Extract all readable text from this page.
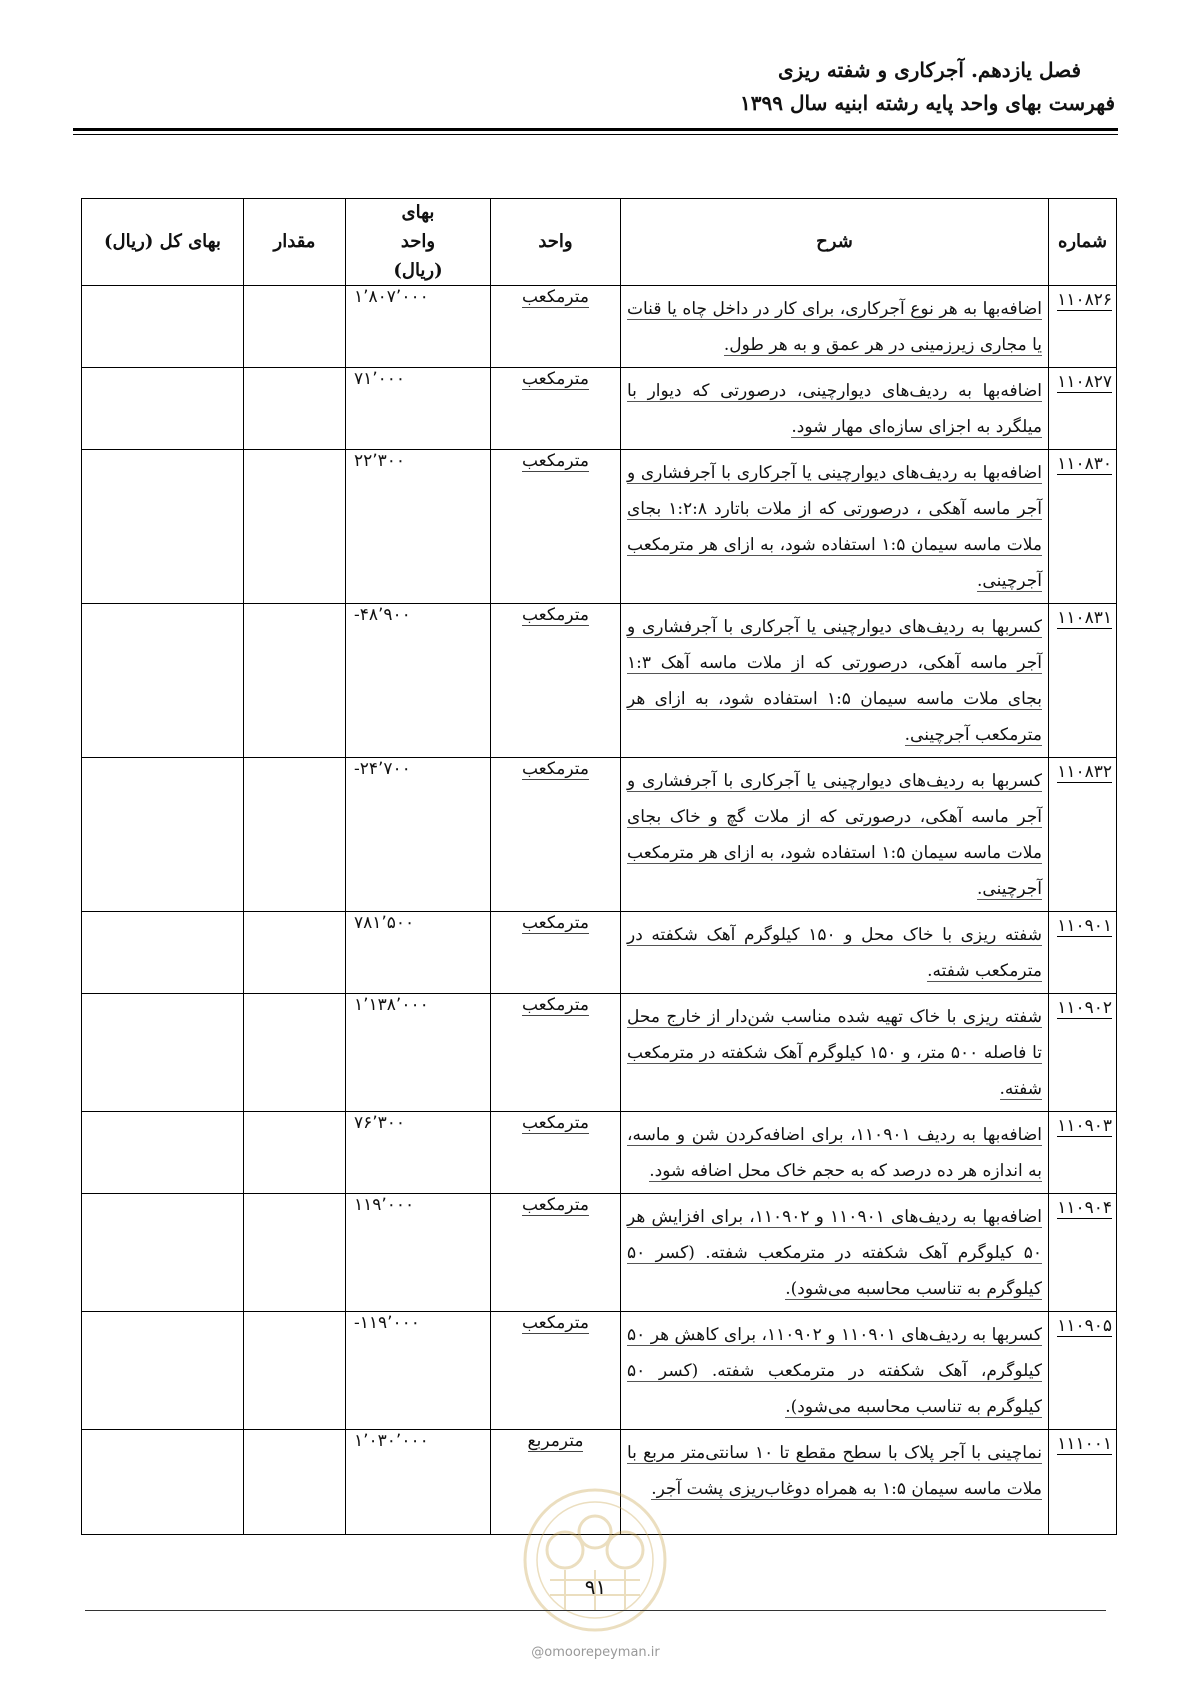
فصل یازدهم. آجرکاری و شفته ریزی
فهرست بهای واحد پایه رشته ابنیه سال ۱۳۹۹
شماره	شرح	واحد	بهای واحد (ریال)	مقدار	بهای کل (ریال)
۱۱۰۸۲۶	اضافه‌بها به هر نوع آجرکاری، برای کار در داخل چاه یا قنات یا مجاری زیرزمینی در هر عمق و به هر طول.	مترمکعب	۱٬۸۰۷٬۰۰۰		
۱۱۰۸۲۷	اضافه‌بها به ردیف‌های دیوارچینی، درصورتی که دیوار با میلگرد به اجزای سازه‌ای مهار شود.	مترمکعب	۷۱٬۰۰۰		
۱۱۰۸۳۰	اضافه‌بها به ردیف‌های دیوارچینی یا آجرکاری با آجرفشاری و آجر ماسه آهکی ، درصورتی که از ملات باتارد ۱:۲:۸ بجای ملات ماسه سیمان ۱:۵ استفاده شود، به ازای هر مترمکعب آجرچینی.	مترمکعب	۲۲٬۳۰۰		
۱۱۰۸۳۱	کسربها به ردیف‌های دیوارچینی یا آجرکاری با آجرفشاری و آجر ماسه آهکی، درصورتی که از ملات ماسه آهک ۱:۳ بجای ملات ماسه سیمان ۱:۵ استفاده شود، به ازای هر مترمکعب آجرچینی.	مترمکعب	-۴۸٬۹۰۰		
۱۱۰۸۳۲	کسربها به ردیف‌های دیوارچینی یا آجرکاری با آجرفشاری و آجر ماسه آهکی، درصورتی که از ملات گچ و خاک بجای ملات ماسه سیمان ۱:۵ استفاده شود، به ازای هر مترمکعب آجرچینی.	مترمکعب	-۲۴٬۷۰۰		
۱۱۰۹۰۱	شفته ریزی با خاک محل و ۱۵۰ کیلوگرم آهک شکفته در مترمکعب شفته.	مترمکعب	۷۸۱٬۵۰۰		
۱۱۰۹۰۲	شفته ریزی با خاک تهیه شده مناسب شن‌دار از خارج محل تا فاصله ۵۰۰ متر، و ۱۵۰ کیلوگرم آهک شکفته در مترمکعب شفته.	مترمکعب	۱٬۱۳۸٬۰۰۰		
۱۱۰۹۰۳	اضافه‌بها به ردیف ۱۱۰۹۰۱، برای اضافه‌کردن شن و ماسه، به اندازه هر ده درصد که به حجم خاک محل اضافه شود.	مترمکعب	۷۶٬۳۰۰		
۱۱۰۹۰۴	اضافه‌بها به ردیف‌های ۱۱۰۹۰۱ و ۱۱۰۹۰۲، برای افزایش هر ۵۰ کیلوگرم آهک شکفته در مترمکعب شفته. (کسر ۵۰ کیلوگرم به تناسب محاسبه می‌شود).	مترمکعب	۱۱۹٬۰۰۰		
۱۱۰۹۰۵	کسربها به ردیف‌های ۱۱۰۹۰۱ و ۱۱۰۹۰۲، برای کاهش هر ۵۰ کیلوگرم، آهک شکفته در مترمکعب شفته. (کسر ۵۰ کیلوگرم به تناسب محاسبه می‌شود).	مترمکعب	-۱۱۹٬۰۰۰		
۱۱۱۰۰۱	نماچینی با آجر پلاک با سطح مقطع تا ۱۰ سانتی‌متر مربع با ملات ماسه سیمان ۱:۵ به همراه دوغاب‌ریزی پشت آجر.	مترمربع	۱٬۰۳۰٬۰۰۰		
۹۱
@omoorepeyman.ir
